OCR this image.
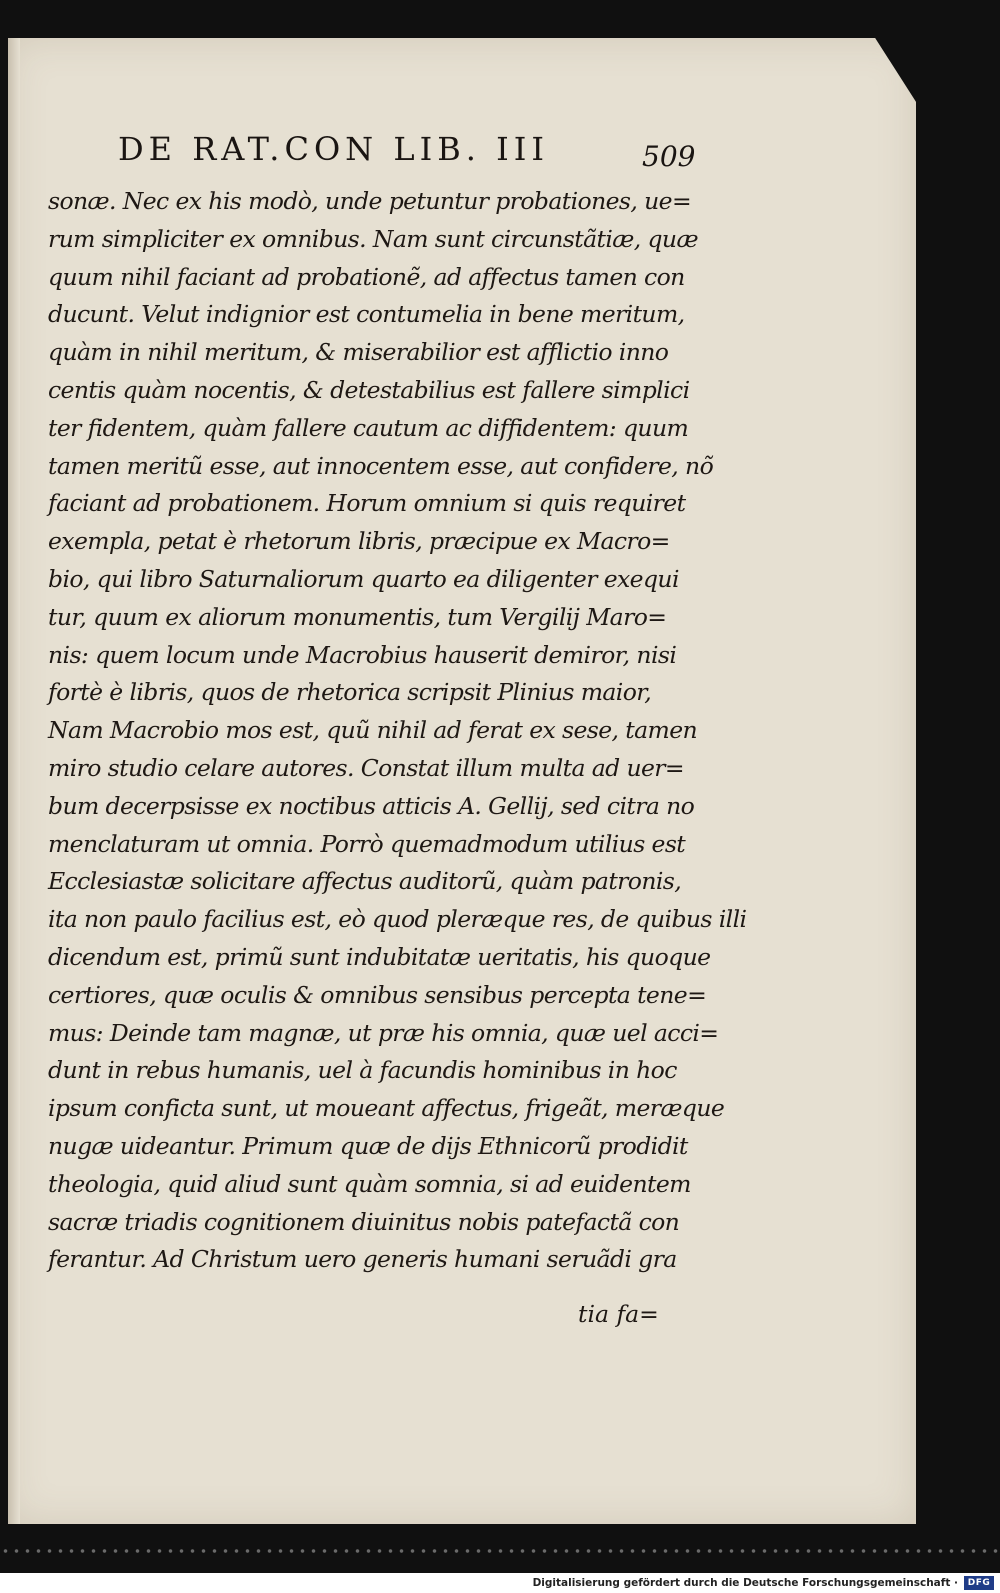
DE RAT.CON LIB. III	509
sonæ. Nec ex his modò, unde petuntur probationes, ue=
rum simpliciter ex omnibus. Nam sunt circunstãtiæ, quæ
quum nihil faciant ad probationẽ, ad affectus tamen con
ducunt. Velut indignior est contumelia in bene meritum,
quàm in nihil meritum, & miserabilior est afflictio inno
centis quàm nocentis, & detestabilius est fallere simplici
ter fidentem, quàm fallere cautum ac diffidentem: quum
tamen meritũ esse, aut innocentem esse, aut confidere, nõ
faciant ad probationem. Horum omnium si quis requiret
exempla, petat è rhetorum libris, præcipue ex Macro=
bio, qui libro Saturnaliorum quarto ea diligenter exequi
tur, quum ex aliorum monumentis, tum Vergilij Maro=
nis: quem locum unde Macrobius hauserit demiror, nisi
fortè è libris, quos de rhetorica scripsit Plinius maior,
Nam Macrobio mos est, quũ nihil ad ferat ex sese, tamen
miro studio celare autores. Constat illum multa ad uer=
bum decerpsisse ex noctibus atticis A. Gellij, sed citra no
menclaturam ut omnia. Porrò quemadmodum utilius est
Ecclesiastæ solicitare affectus auditorũ, quàm patronis,
ita non paulo facilius est, eò quod pleræque res, de quibus illi
dicendum est, primũ sunt indubitatæ ueritatis, his quoque
certiores, quæ oculis & omnibus sensibus percepta tene=
mus: Deinde tam magnæ, ut præ his omnia, quæ uel acci=
dunt in rebus humanis, uel à facundis hominibus in hoc
ipsum conficta sunt, ut moueant affectus, frigeãt, meræque
nugæ uideantur. Primum quæ de dijs Ethnicorũ prodidit
theologia, quid aliud sunt quàm somnia, si ad euidentem
sacræ triadis cognitionem diuinitus nobis patefactã con
ferantur. Ad Christum uero generis humani seruãdi gra
tia fa=
Digitalisierung gefördert durch die Deutsche Forschungsgemeinschaft ·	DFG
